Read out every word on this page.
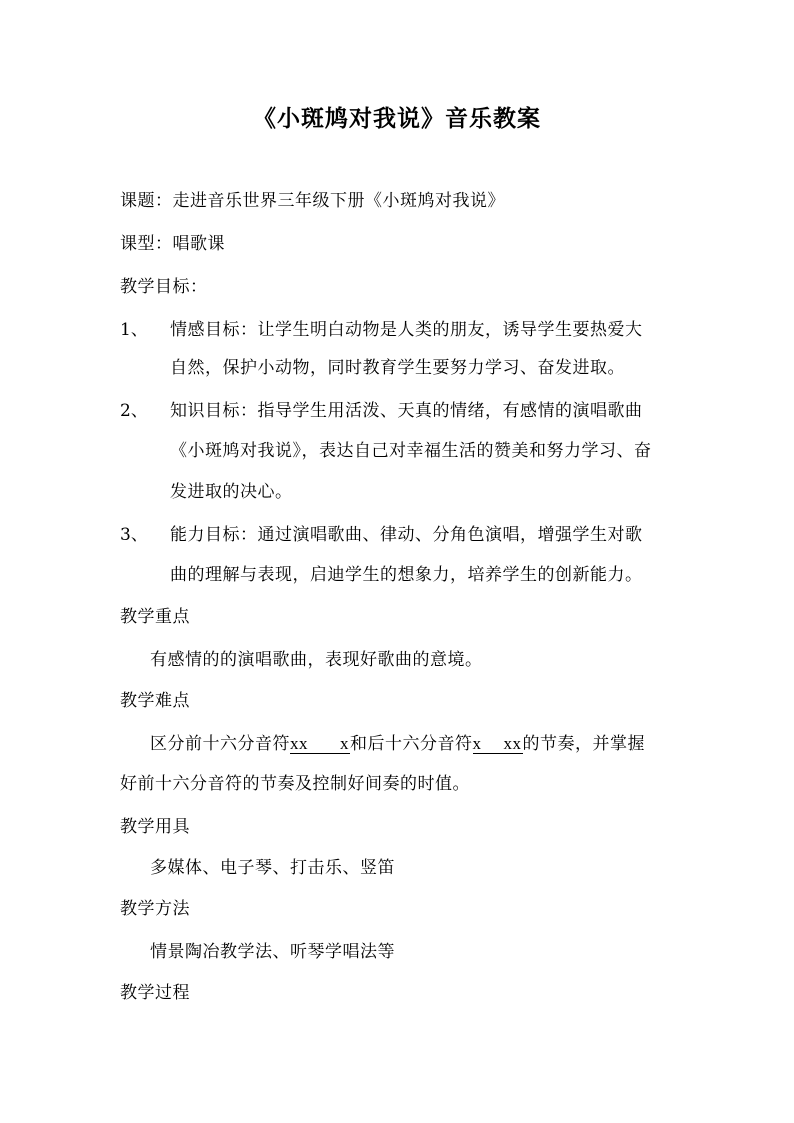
《小斑鸠对我说》音乐教案
课题：走进音乐世界三年级下册《小斑鸠对我说》
课型：唱歌课
教学目标：
1、 情感目标：让学生明白动物是人类的朋友，诱导学生要热爱大
自然，保护小动物，同时教育学生要努力学习、奋发进取。
2、 知识目标：指导学生用活泼、天真的情绪，有感情的演唱歌曲
《小斑鸠对我说》，表达自己对幸福生活的赞美和努力学习、奋
发进取的决心。
3、 能力目标：通过演唱歌曲、律动、分角色演唱，增强学生对歌
曲的理解与表现，启迪学生的想象力，培养学生的创新能力。
教学重点
有感情的的演唱歌曲，表现好歌曲的意境。
教学难点
区分前十六分音符xx x和后十六分音符x xx的节奏，并掌握
好前十六分音符的节奏及控制好间奏的时值。
教学用具
多媒体、电子琴、打击乐、竖笛
教学方法
情景陶冶教学法、听琴学唱法等
教学过程
